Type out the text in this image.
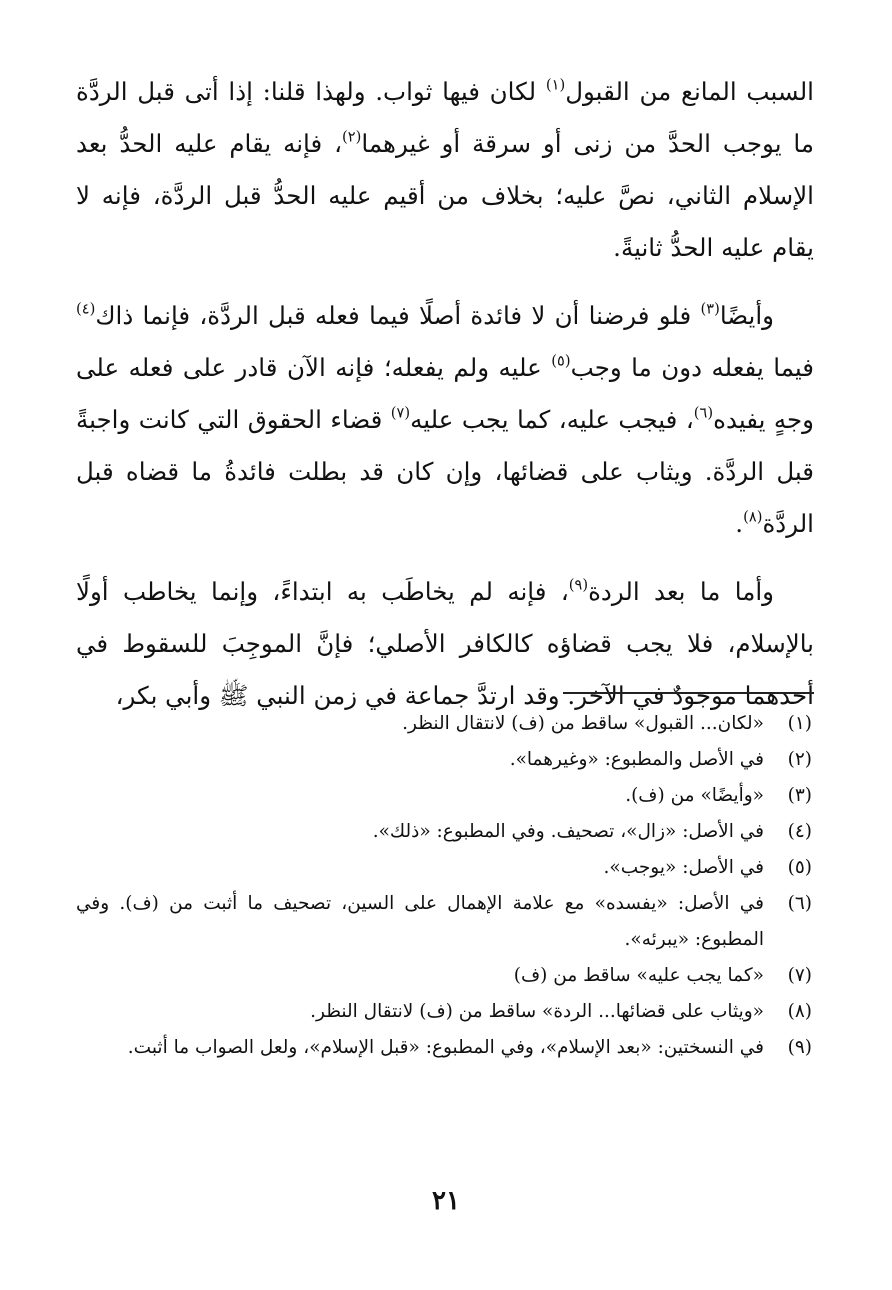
السبب المانع من القبول$^{(١)}$ لكان فيها ثواب. ولهذا قلنا: إذا أتى قبل الردَّة ما يوجب الحدَّ من زنى أو سرقة أو غيرهما$^{(٢)}$، فإنه يقام عليه الحدُّ بعد الإسلام الثاني، نصَّ عليه؛ بخلاف من أقيم عليه الحدُّ قبل الردَّة، فإنه لا يقام عليه الحدُّ ثانيةً.

وأيضًا$^{(٣)}$ فلو فرضنا أن لا فائدة أصلًا فيما فعله قبل الردَّة، فإنما ذاك$^{(٤)}$ فيما يفعله دون ما وجب$^{(٥)}$ عليه ولم يفعله؛ فإنه الآن قادر على فعله على وجهٍ يفيده$^{(٦)}$، فيجب عليه، كما يجب عليه$^{(٧)}$ قضاء الحقوق التي كانت واجبةً قبل الردَّة. ويثاب على قضائها، وإن كان قد بطلت فائدةُ ما قضاه قبل الردَّة$^{(٨)}$.

وأما ما بعد الردة$^{(٩)}$، فإنه لم يخاطَب به ابتداءً، وإنما يخاطب أولًا بالإسلام، فلا يجب قضاؤه كالكافر الأصلي؛ فإنَّ الموجِبَ للسقوط في أحدهما موجودٌ في الآخر. وقد ارتدَّ جماعة في زمن النبي ﷺ وأبي بكر،

(١)
«لكان... القبول» ساقط من (ف) لانتقال النظر.
(٢)
في الأصل والمطبوع: «وغيرهما».
(٣)
«وأيضًا» من (ف).
(٤)
في الأصل: «زال»، تصحيف. وفي المطبوع: «ذلك».
(٥)
في الأصل: «يوجب».
(٦)
في الأصل: «يفسده» مع علامة الإهمال على السين، تصحيف ما أثبت من (ف). وفي المطبوع: «يبرئه».
(٧)
«كما يجب عليه» ساقط من (ف)
(٨)
«ويثاب على قضائها... الردة» ساقط من (ف) لانتقال النظر.
(٩)
في النسختين: «بعد الإسلام»، وفي المطبوع: «قبل الإسلام»، ولعل الصواب ما أثبت.
٢١
